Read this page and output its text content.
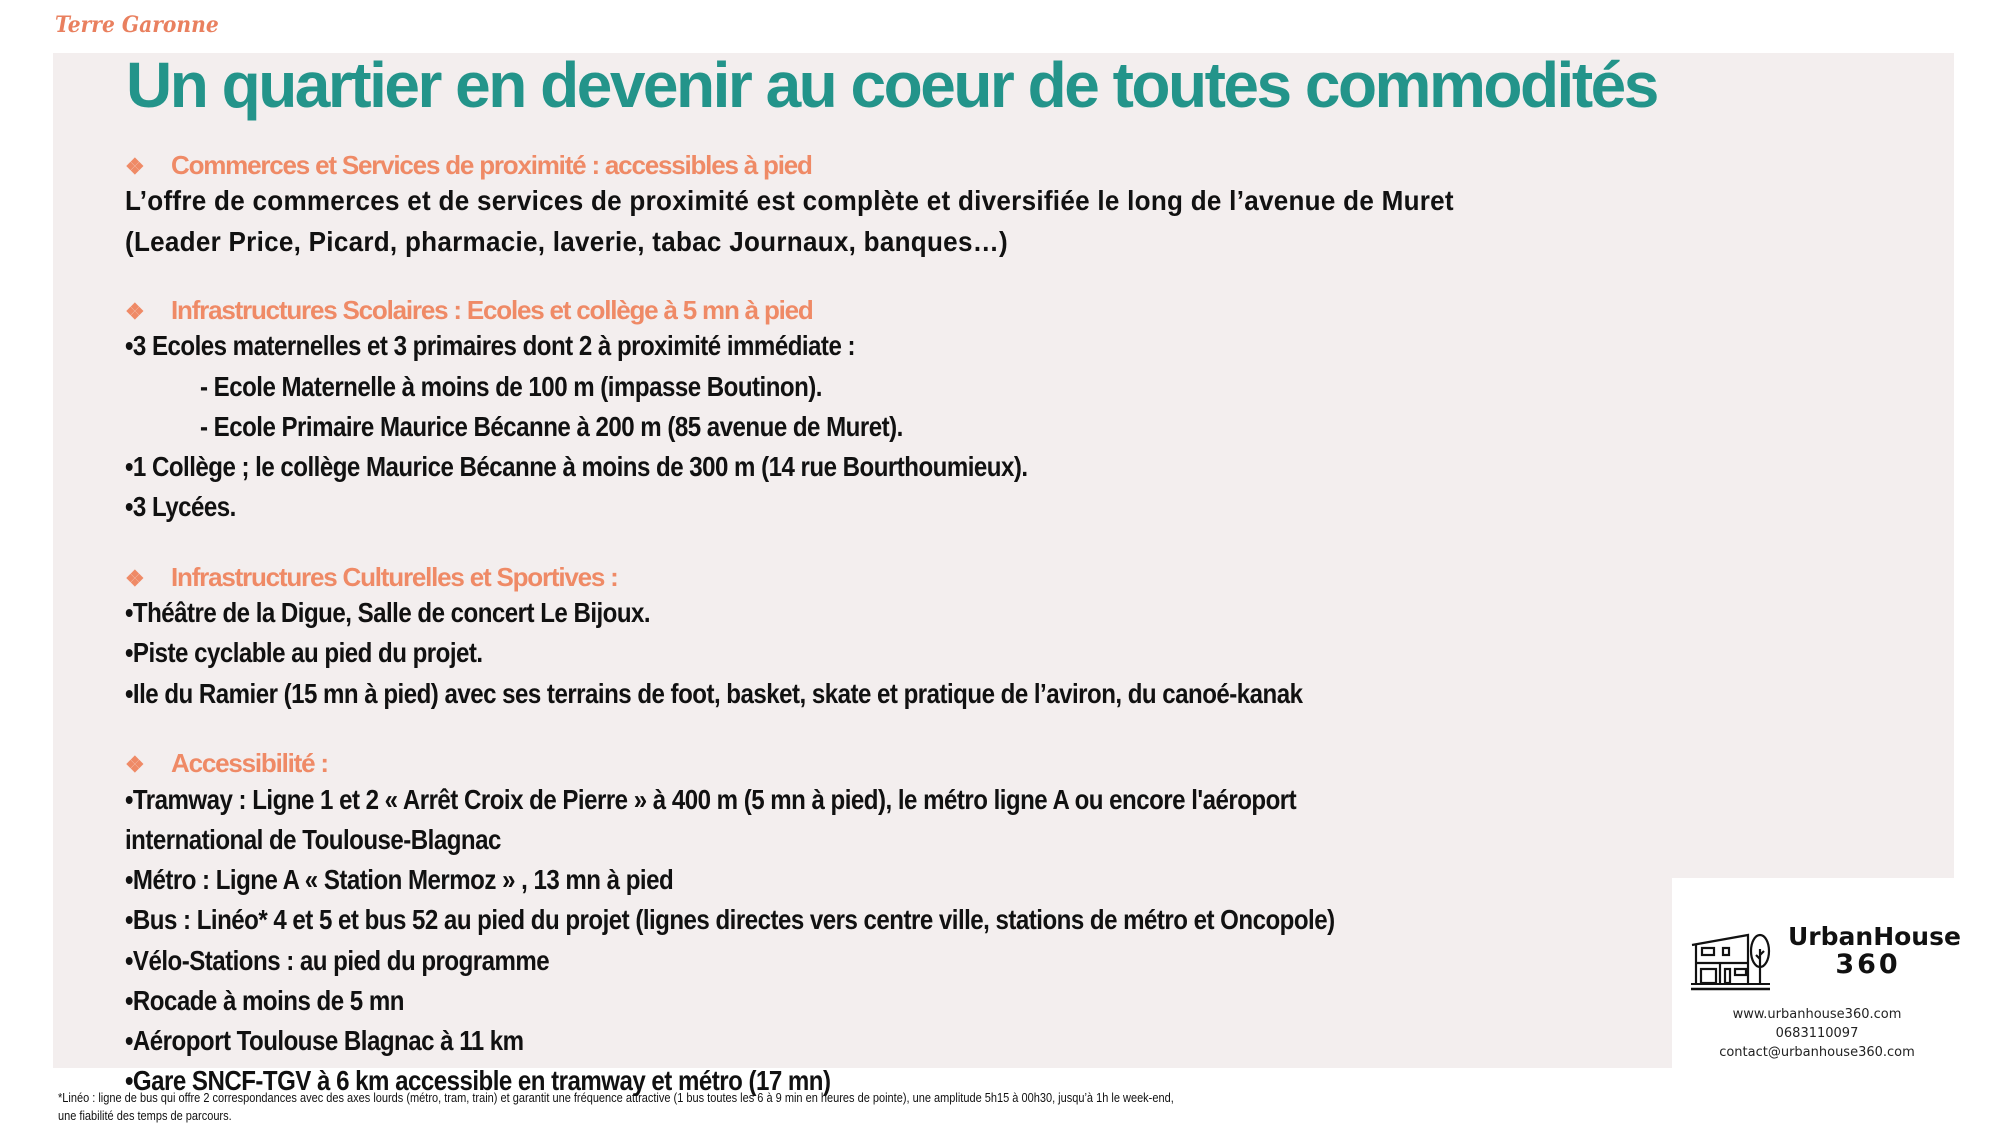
Terre Garonne
Un quartier en devenir au coeur de toutes commodités
❖ Commerces et Services de proximité : accessibles à pied
L’offre de commerces et de services de proximité est complète et diversifiée le long de l’avenue de Muret
(Leader Price, Picard, pharmacie, laverie, tabac Journaux, banques…)
❖ Infrastructures Scolaires : Ecoles et collège à 5 mn à pied
•3 Ecoles maternelles et 3 primaires dont 2 à proximité immédiate :
- Ecole Maternelle à moins de 100 m (impasse Boutinon).
- Ecole Primaire Maurice Bécanne à 200 m (85 avenue de Muret).
•1 Collège ; le collège Maurice Bécanne à moins de 300 m (14 rue Bourthoumieux).
•3 Lycées.
❖ Infrastructures Culturelles et Sportives :
•Théâtre de la Digue, Salle de concert Le Bijoux.
•Piste cyclable au pied du projet.
•Ile du Ramier (15 mn à pied) avec ses terrains de foot, basket, skate et pratique de l’aviron, du canoé-kanak
❖ Accessibilité :
•Tramway : Ligne 1 et 2 « Arrêt Croix de Pierre » à 400 m (5 mn à pied), le métro ligne A ou encore l'aéroport
international de Toulouse-Blagnac
•Métro : Ligne A « Station Mermoz » , 13 mn à pied
•Bus : Linéo* 4 et 5 et bus 52 au pied du projet (lignes directes vers centre ville, stations de métro et Oncopole)
•Vélo-Stations : au pied du programme
•Rocade à moins de 5 mn
•Aéroport Toulouse Blagnac à 11 km
•Gare SNCF-TGV à 6 km accessible en tramway et métro (17 mn)
*Linéo : ligne de bus qui offre 2 correspondances avec des axes lourds (métro, tram, train) et garantit une fréquence attractive (1 bus toutes les 6 à 9 min en heures de pointe), une amplitude 5h15 à 00h30, jusqu’à 1h le week-end,
une fiabilité des temps de parcours.
UrbanHouse
360
www.urbanhouse360.com
0683110097
contact@urbanhouse360.com
